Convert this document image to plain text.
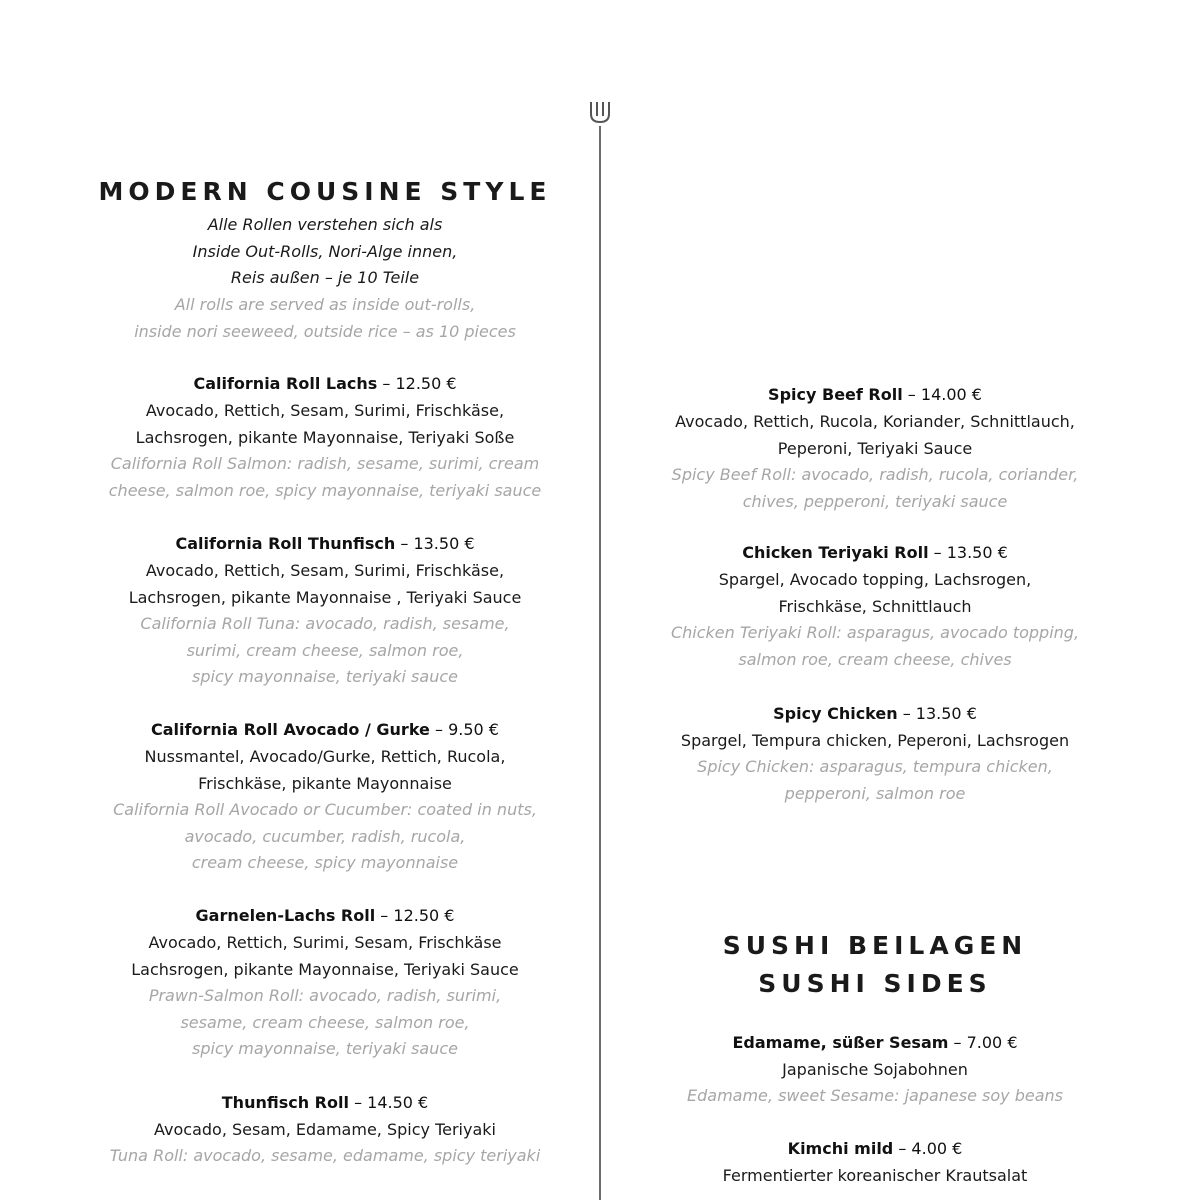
MODERN COUSINE STYLE
Alle Rollen verstehen sich als
Inside Out-Rolls, Nori-Alge innen,
Reis außen – je 10 Teile
All rolls are served as inside out-rolls,
inside nori seeweed, outside rice – as 10 pieces
California Roll Lachs – 12.50 €
Avocado, Rettich, Sesam, Surimi, Frischkäse,
Lachsrogen, pikante Mayonnaise, Teriyaki Soße
California Roll Salmon: radish, sesame, surimi, cream
cheese, salmon roe, spicy mayonnaise, teriyaki sauce
California Roll Thunfisch – 13.50 €
Avocado, Rettich, Sesam, Surimi, Frischkäse,
Lachsrogen, pikante Mayonnaise , Teriyaki Sauce
California Roll Tuna: avocado, radish, sesame,
surimi, cream cheese, salmon roe,
spicy mayonnaise, teriyaki sauce
California Roll Avocado / Gurke – 9.50 €
Nussmantel, Avocado/Gurke, Rettich, Rucola,
Frischkäse, pikante Mayonnaise
California Roll Avocado or Cucumber: coated in nuts,
avocado, cucumber, radish, rucola,
cream cheese, spicy mayonnaise
Garnelen-Lachs Roll – 12.50 €
Avocado, Rettich, Surimi, Sesam, Frischkäse
Lachsrogen, pikante Mayonnaise, Teriyaki Sauce
Prawn-Salmon Roll: avocado, radish, surimi,
sesame, cream cheese, salmon roe,
spicy mayonnaise, teriyaki sauce
Thunfisch Roll – 14.50 €
Avocado, Sesam, Edamame, Spicy Teriyaki
Tuna Roll: avocado, sesame, edamame, spicy teriyaki
Spicy Beef Roll – 14.00 €
Avocado, Rettich, Rucola, Koriander, Schnittlauch,
Peperoni, Teriyaki Sauce
Spicy Beef Roll: avocado, radish, rucola, coriander,
chives, pepperoni, teriyaki sauce
Chicken Teriyaki Roll – 13.50 €
Spargel, Avocado topping, Lachsrogen,
Frischkäse, Schnittlauch
Chicken Teriyaki Roll: asparagus, avocado topping,
salmon roe, cream cheese, chives
Spicy Chicken – 13.50 €
Spargel, Tempura chicken, Peperoni, Lachsrogen
Spicy Chicken: asparagus, tempura chicken,
pepperoni, salmon roe
SUSHI BEILAGEN
SUSHI SIDES
Edamame, süßer Sesam – 7.00 €
Japanische Sojabohnen
Edamame, sweet Sesame: japanese soy beans
Kimchi mild – 4.00 €
Fermentierter koreanischer Krautsalat
